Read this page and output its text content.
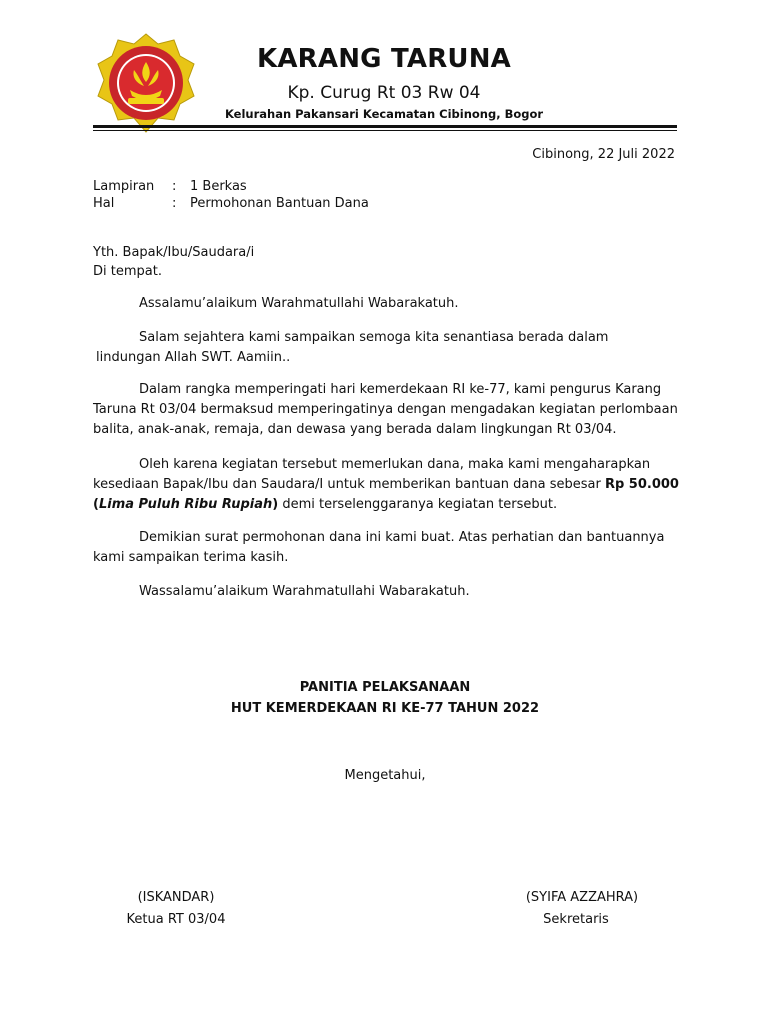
KARANG TARUNA
Kp. Curug Rt 03 Rw 04
Kelurahan Pakansari Kecamatan Cibinong, Bogor
Cibinong, 22 Juli 2022
Lampiran : 1 Berkas
Hal	: Permohonan Bantuan Dana
Yth. Bapak/Ibu/Saudara/i
Di tempat.
Assalamu’alaikum Warahmatullahi Wabarakatuh.
Salam sejahtera kami sampaikan semoga kita senantiasa berada dalam
lindungan Allah SWT. Aamiin..
Dalam rangka memperingati hari kemerdekaan RI ke-77, kami pengurus Karang
Taruna Rt 03/04 bermaksud memperingatinya dengan mengadakan kegiatan perlombaan
balita, anak-anak, remaja, dan dewasa yang berada dalam lingkungan Rt 03/04.
Oleh karena kegiatan tersebut memerlukan dana, maka kami mengaharapkan
kesediaan Bapak/Ibu dan Saudara/I untuk memberikan bantuan dana sebesar Rp 50.000
(Lima Puluh Ribu Rupiah) demi terselenggaranya kegiatan tersebut.
Demikian surat permohonan dana ini kami buat. Atas perhatian dan bantuannya
kami sampaikan terima kasih.
Wassalamu’alaikum Warahmatullahi Wabarakatuh.
PANITIA PELAKSANAAN
HUT KEMERDEKAAN RI KE-77 TAHUN 2022
Mengetahui,
(ISKANDAR)
Ketua RT 03/04
(SYIFA AZZAHRA)
Sekretaris
